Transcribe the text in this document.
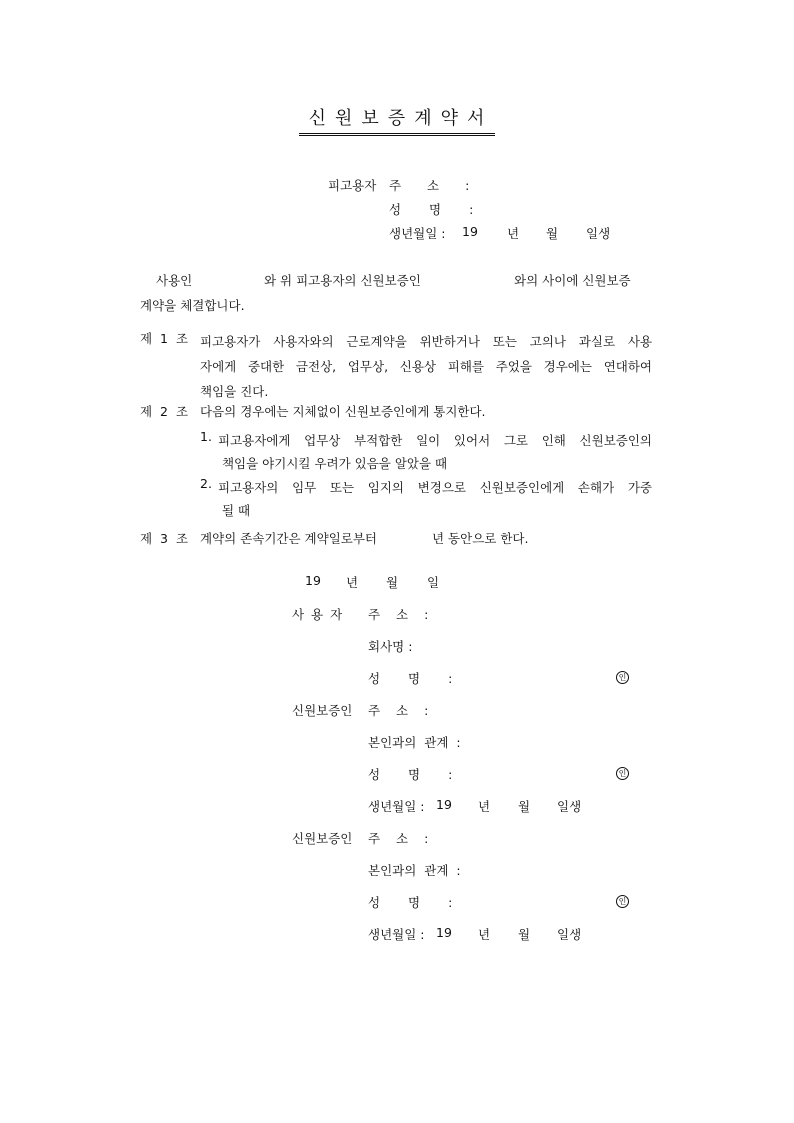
신원보증계약서
피고용자 주 소 :
성 명 :
생년월일 : 19 년 월 일생
사용인	와 위 피고용자의 신원보증인	와의 사이에 신원보증
계약을 체결합니다.
제 1 조 피고용자가 사용자와의 근로계약을 위반하거나 또는 고의나 과실로 사용
자에게 중대한 금전상, 업무상, 신용상 피해를 주었을 경우에는 연대하여
책임을 진다.
제 2 조 다음의 경우에는 지체없이 신원보증인에게 통지한다.
1. 피고용자에게 업무상 부적합한 일이 있어서 그로 인해 신원보증인의
책임을 야기시킬 우려가 있음을 알았을 때
2. 피고용자의 임무 또는 임지의 변경으로 신원보증인에게 손해가 가중
될 때
제 3 조 계약의 존속기간은 계약일로부터	년 동안으로 한다.
19 년 월 일
사 용 자 주 소 :
회사명 :
성 명 :	인
신원보증인 주 소 :
본인과의 관계 :
성 명 :	인
생년월일 : 19 년 월 일생
신원보증인 주 소 :
본인과의 관계 :
성 명 :	인
생년월일 : 19 년 월 일생
